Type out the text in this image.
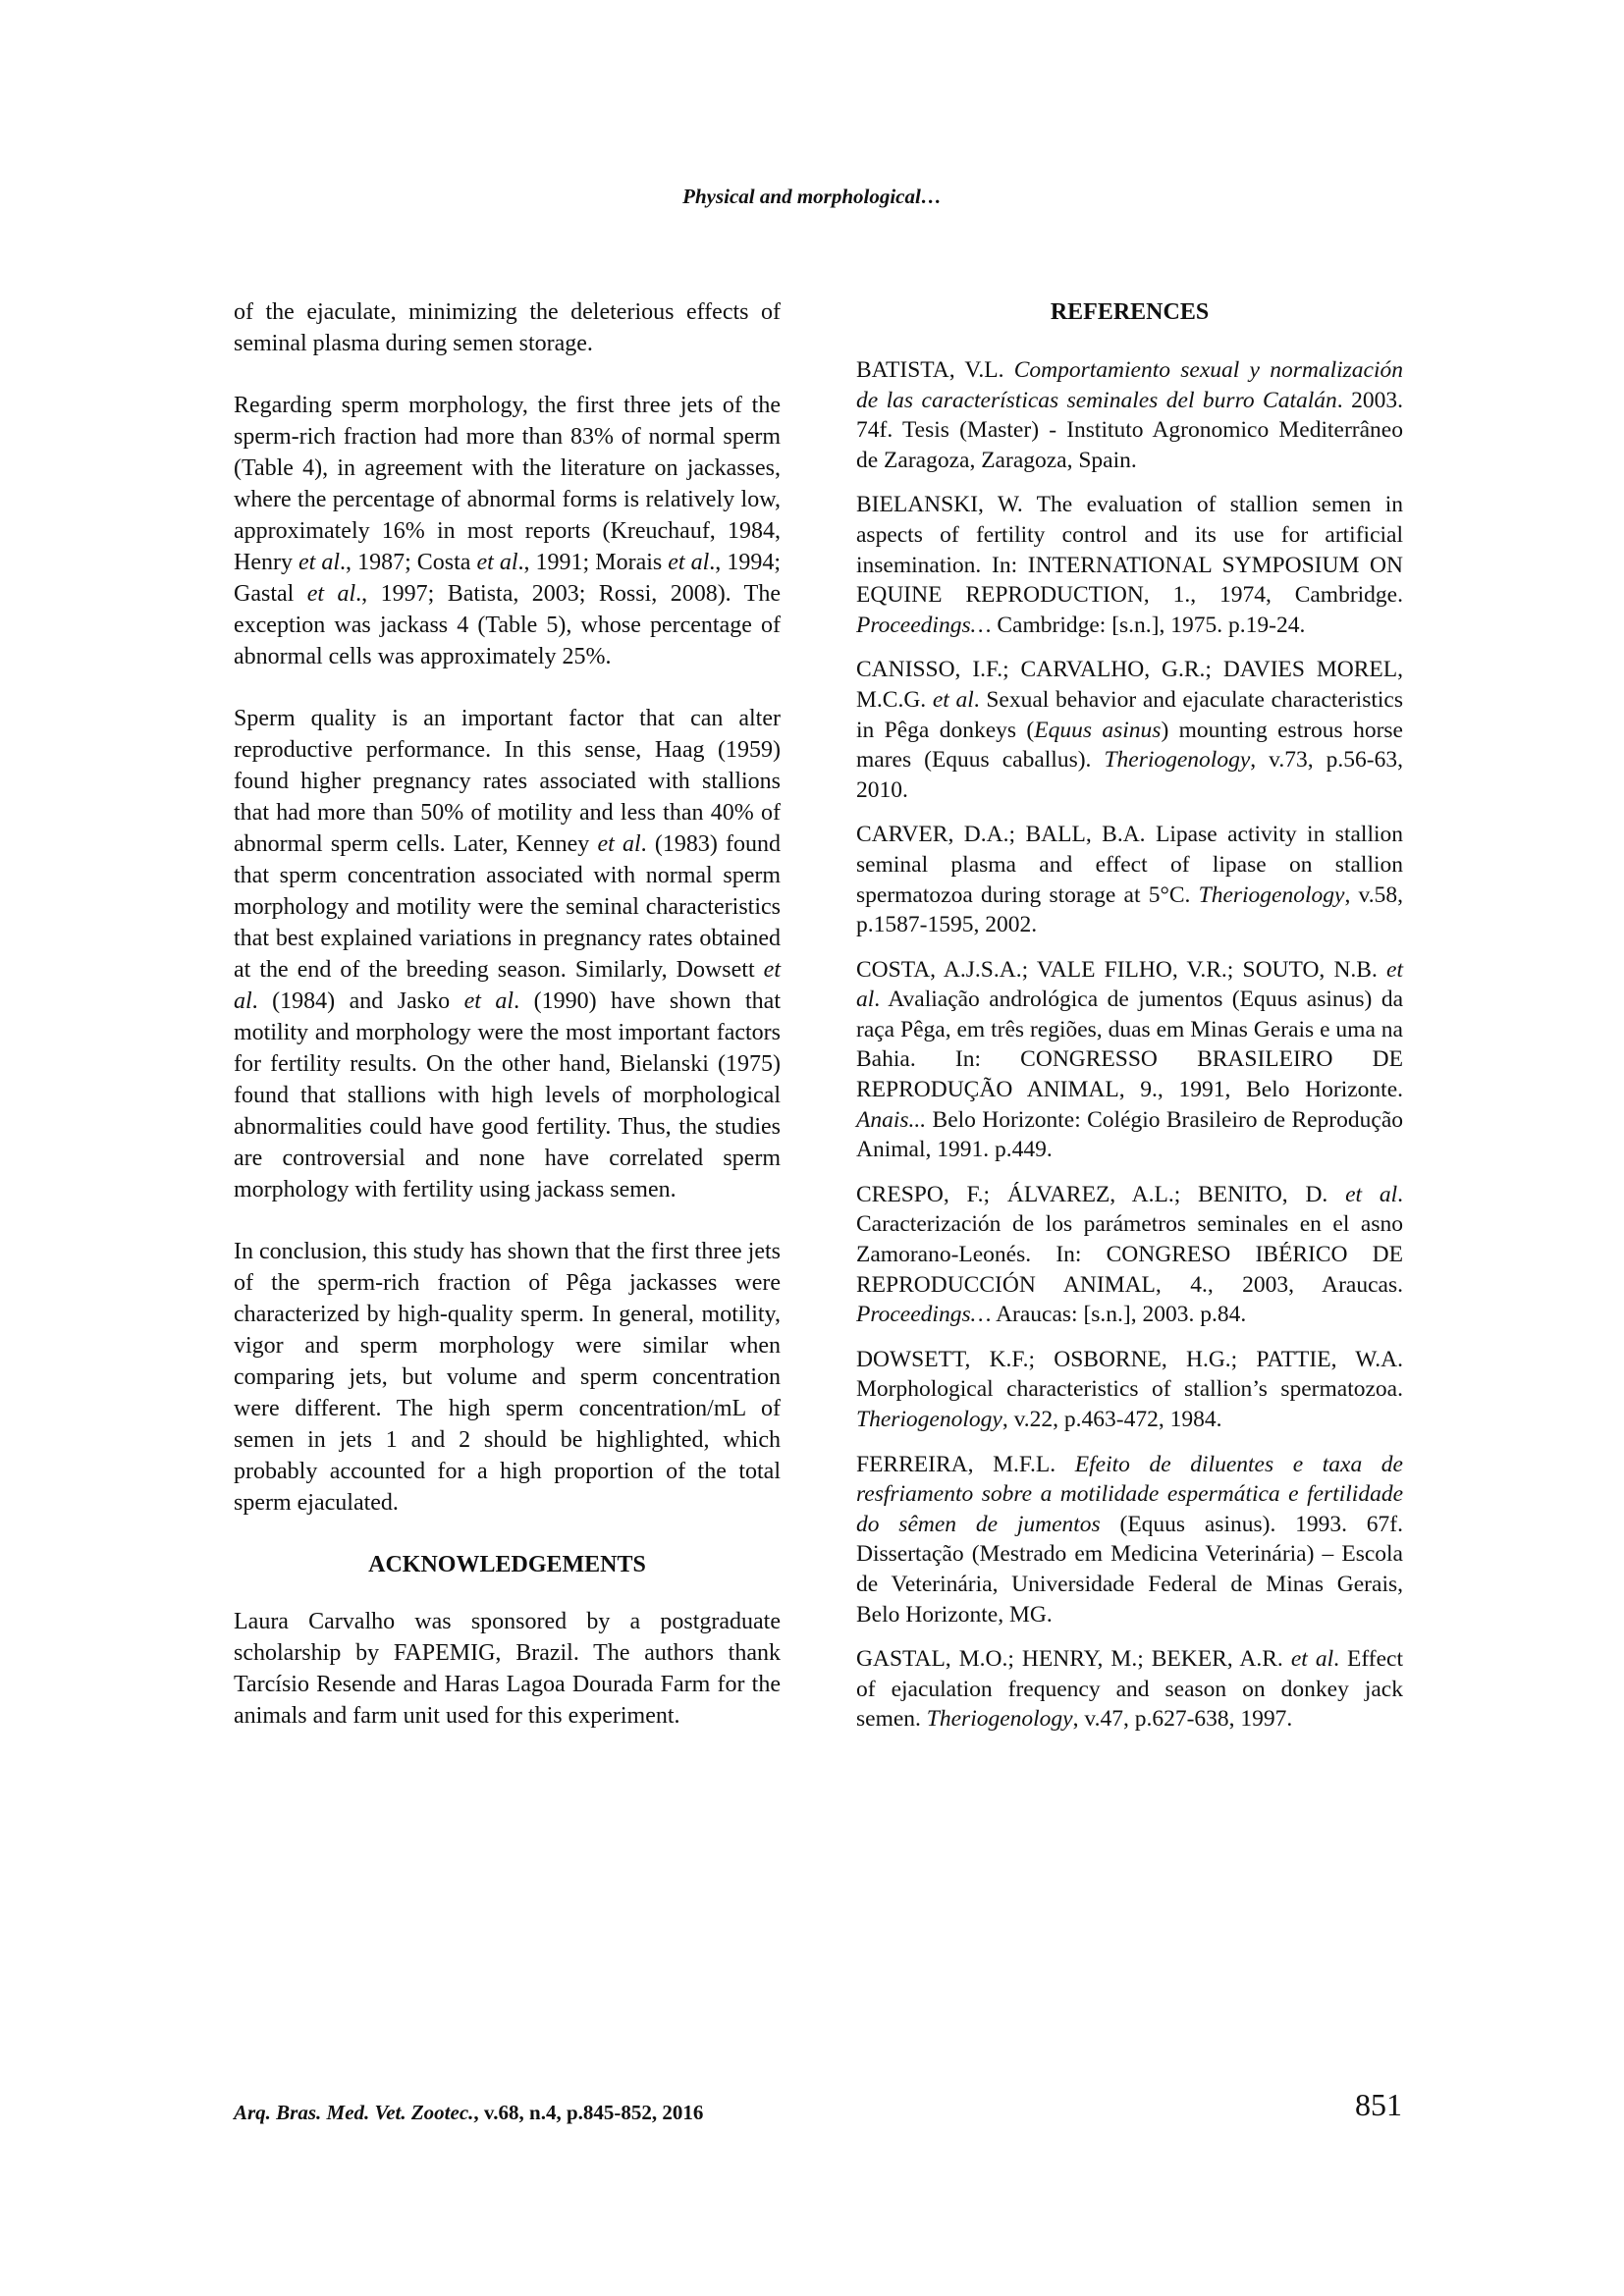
Physical and morphological…

of the ejaculate, minimizing the deleterious effects of seminal plasma during semen storage.

Regarding sperm morphology, the first three jets of the sperm-rich fraction had more than 83% of normal sperm (Table 4), in agreement with the literature on jackasses, where the percentage of abnormal forms is relatively low, approximately 16% in most reports (Kreuchauf, 1984, Henry et al., 1987; Costa et al., 1991; Morais et al., 1994; Gastal et al., 1997; Batista, 2003; Rossi, 2008). The exception was jackass 4 (Table 5), whose percentage of abnormal cells was approximately 25%.

Sperm quality is an important factor that can alter reproductive performance. In this sense, Haag (1959) found higher pregnancy rates associated with stallions that had more than 50% of motility and less than 40% of abnormal sperm cells. Later, Kenney et al. (1983) found that sperm concentration associated with normal sperm morphology and motility were the seminal characteristics that best explained variations in pregnancy rates obtained at the end of the breeding season. Similarly, Dowsett et al. (1984) and Jasko et al. (1990) have shown that motility and morphology were the most important factors for fertility results. On the other hand, Bielanski (1975) found that stallions with high levels of morphological abnormalities could have good fertility. Thus, the studies are controversial and none have correlated sperm morphology with fertility using jackass semen.

In conclusion, this study has shown that the first three jets of the sperm-rich fraction of Pêga jackasses were characterized by high-quality sperm. In general, motility, vigor and sperm morphology were similar when comparing jets, but volume and sperm concentration were different. The high sperm concentration/mL of semen in jets 1 and 2 should be highlighted, which probably accounted for a high proportion of the total sperm ejaculated.

ACKNOWLEDGEMENTS

Laura Carvalho was sponsored by a postgraduate scholarship by FAPEMIG, Brazil. The authors thank Tarcísio Resende and Haras Lagoa Dourada Farm for the animals and farm unit used for this experiment.

REFERENCES

BATISTA, V.L. Comportamiento sexual y normalización de las características seminales del burro Catalán. 2003. 74f. Tesis (Master) - Instituto Agronomico Mediterrâneo de Zaragoza, Zaragoza, Spain.

BIELANSKI, W. The evaluation of stallion semen in aspects of fertility control and its use for artificial insemination. In: INTERNATIONAL SYMPOSIUM ON EQUINE REPRODUCTION, 1., 1974, Cambridge. Proceedings… Cambridge: [s.n.], 1975. p.19-24.

CANISSO, I.F.; CARVALHO, G.R.; DAVIES MOREL, M.C.G. et al. Sexual behavior and ejaculate characteristics in Pêga donkeys (Equus asinus) mounting estrous horse mares (Equus caballus). Theriogenology, v.73, p.56-63, 2010.

CARVER, D.A.; BALL, B.A. Lipase activity in stallion seminal plasma and effect of lipase on stallion spermatozoa during storage at 5°C. Theriogenology, v.58, p.1587-1595, 2002.

COSTA, A.J.S.A.; VALE FILHO, V.R.; SOUTO, N.B. et al. Avaliação andrológica de jumentos (Equus asinus) da raça Pêga, em três regiões, duas em Minas Gerais e uma na Bahia. In: CONGRESSO BRASILEIRO DE REPRODUÇÃO ANIMAL, 9., 1991, Belo Horizonte. Anais... Belo Horizonte: Colégio Brasileiro de Reprodução Animal, 1991. p.449.

CRESPO, F.; ÁLVAREZ, A.L.; BENITO, D. et al. Caracterización de los parámetros seminales en el asno Zamorano-Leonés. In: CONGRESO IBÉRICO DE REPRODUCCIÓN ANIMAL, 4., 2003, Araucas. Proceedings… Araucas: [s.n.], 2003. p.84.

DOWSETT, K.F.; OSBORNE, H.G.; PATTIE, W.A. Morphological characteristics of stallion’s spermatozoa. Theriogenology, v.22, p.463-472, 1984.

FERREIRA, M.F.L. Efeito de diluentes e taxa de resfriamento sobre a motilidade espermática e fertilidade do sêmen de jumentos (Equus asinus). 1993. 67f. Dissertação (Mestrado em Medicina Veterinária) – Escola de Veterinária, Universidade Federal de Minas Gerais, Belo Horizonte, MG.

GASTAL, M.O.; HENRY, M.; BEKER, A.R. et al. Effect of ejaculation frequency and season on donkey jack semen. Theriogenology, v.47, p.627-638, 1997.

Arq. Bras. Med. Vet. Zootec., v.68, n.4, p.845-852, 2016	851
